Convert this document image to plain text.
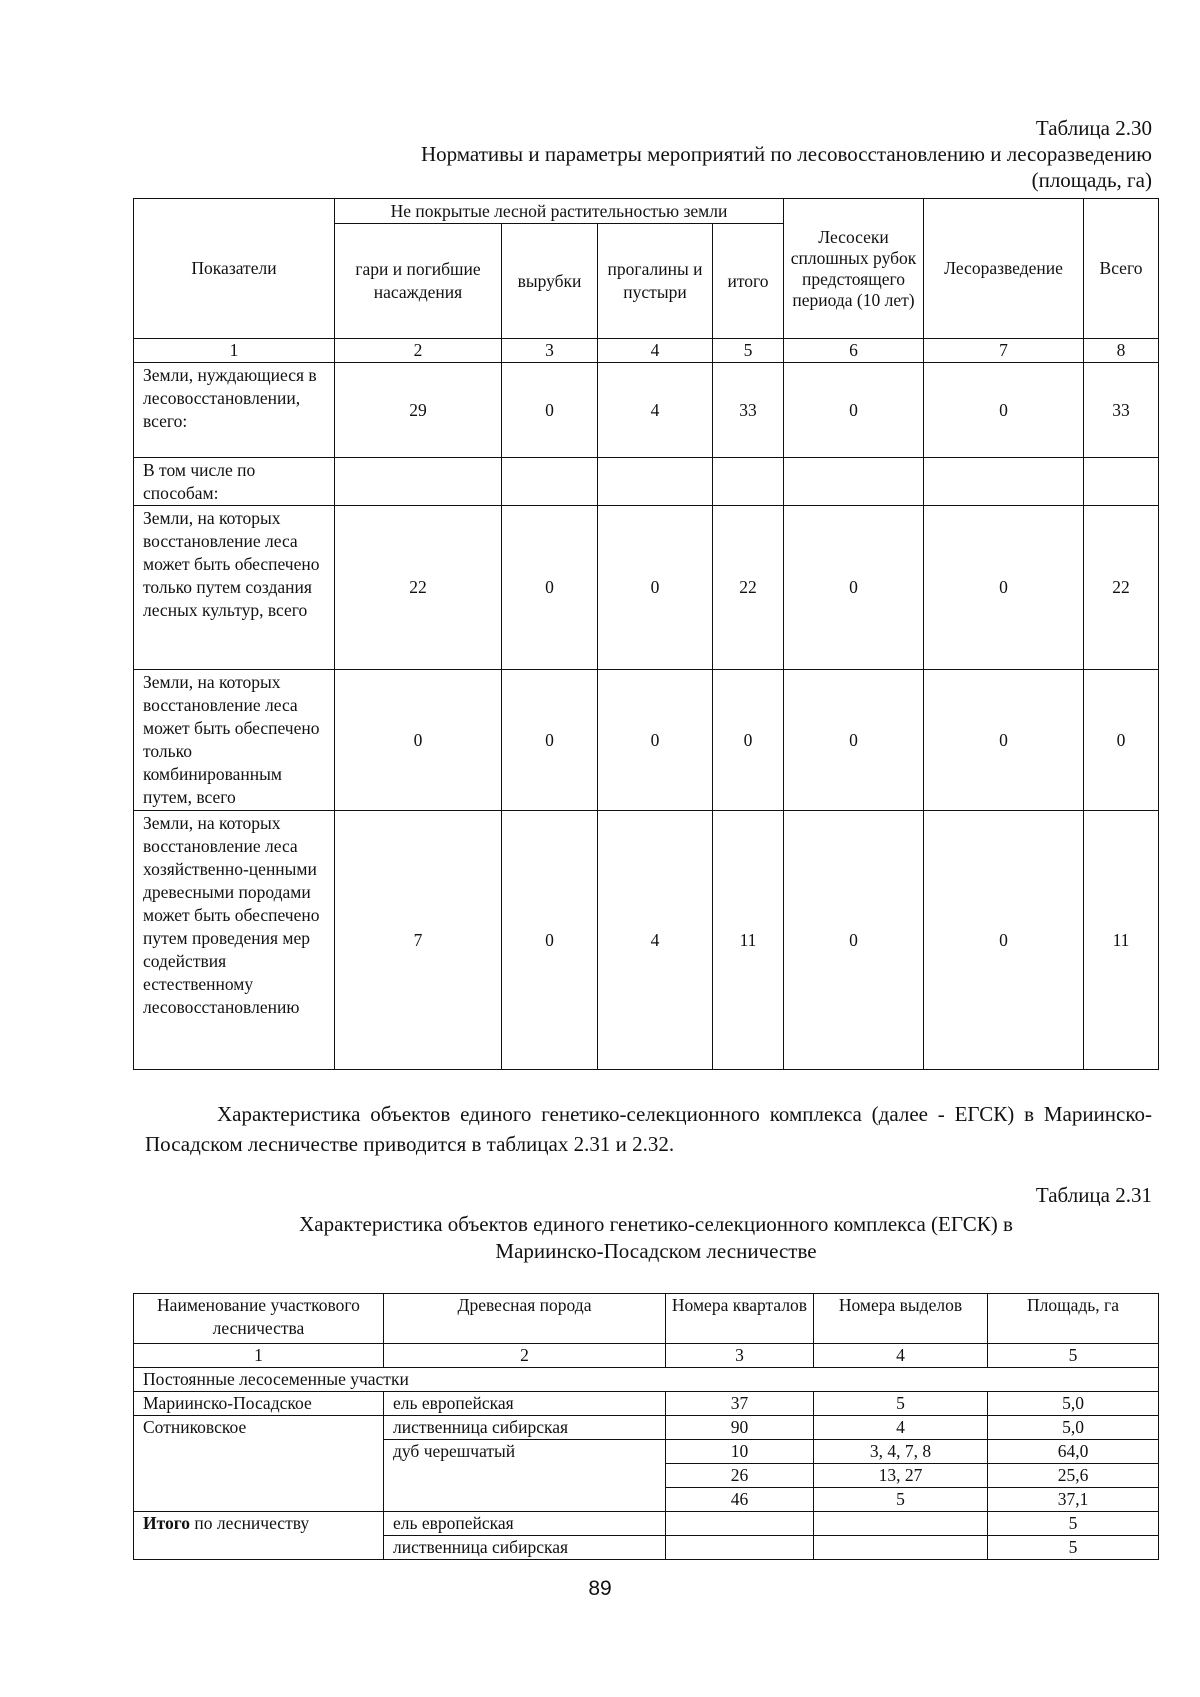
Таблица 2.30
Нормативы и параметры мероприятий по лесовосстановлению и лесоразведению
(площадь, га)
Показатели	Не покрытые лесной растительностью земли				Лесосеки сплошных рубок предстоящего периода (10 лет)	Лесоразведение	Всего
	гари и погибшие насаждения	вырубки	прогалины и пустыри	итого			
1	2	3	4	5	6	7	8
Земли, нуждающиеся в лесовосстановлении, всего:	29	0	4	33	0	0	33
В том числе по способам:							
Земли, на которых восстановление леса может быть обеспечено только путем создания лесных культур, всего	22	0	0	22	0	0	22
Земли, на которых восстановление леса может быть обеспечено только комбинированным путем, всего	0	0	0	0	0	0	0
Земли, на которых восстановление леса хозяйственно-ценными древесными породами может быть обеспечено путем проведения мер содействия естественному лесовосстановлению	7	0	4	11	0	0	11
Характеристика объектов единого генетико-селекционного комплекса (далее - ЕГСК) в Мариинско-Посадском лесничестве приводится в таблицах 2.31 и 2.32.
Таблица 2.31
Характеристика объектов единого генетико-селекционного комплекса (ЕГСК) в
Мариинско-Посадском лесничестве
Наименование участкового лесничества	Древесная порода	Номера кварталов	Номера выделов	Площадь, га
1	2	3	4	5
Постоянные лесосеменные участки				
Мариинско-Посадское	ель европейская	37	5	5,0
Сотниковское	лиственница сибирская	90	4	5,0
	дуб черешчатый	10	3, 4, 7, 8	64,0
		26	13, 27	25,6
		46	5	37,1
Итого по лесничеству	ель европейская			5
	лиственница сибирская			5
89
